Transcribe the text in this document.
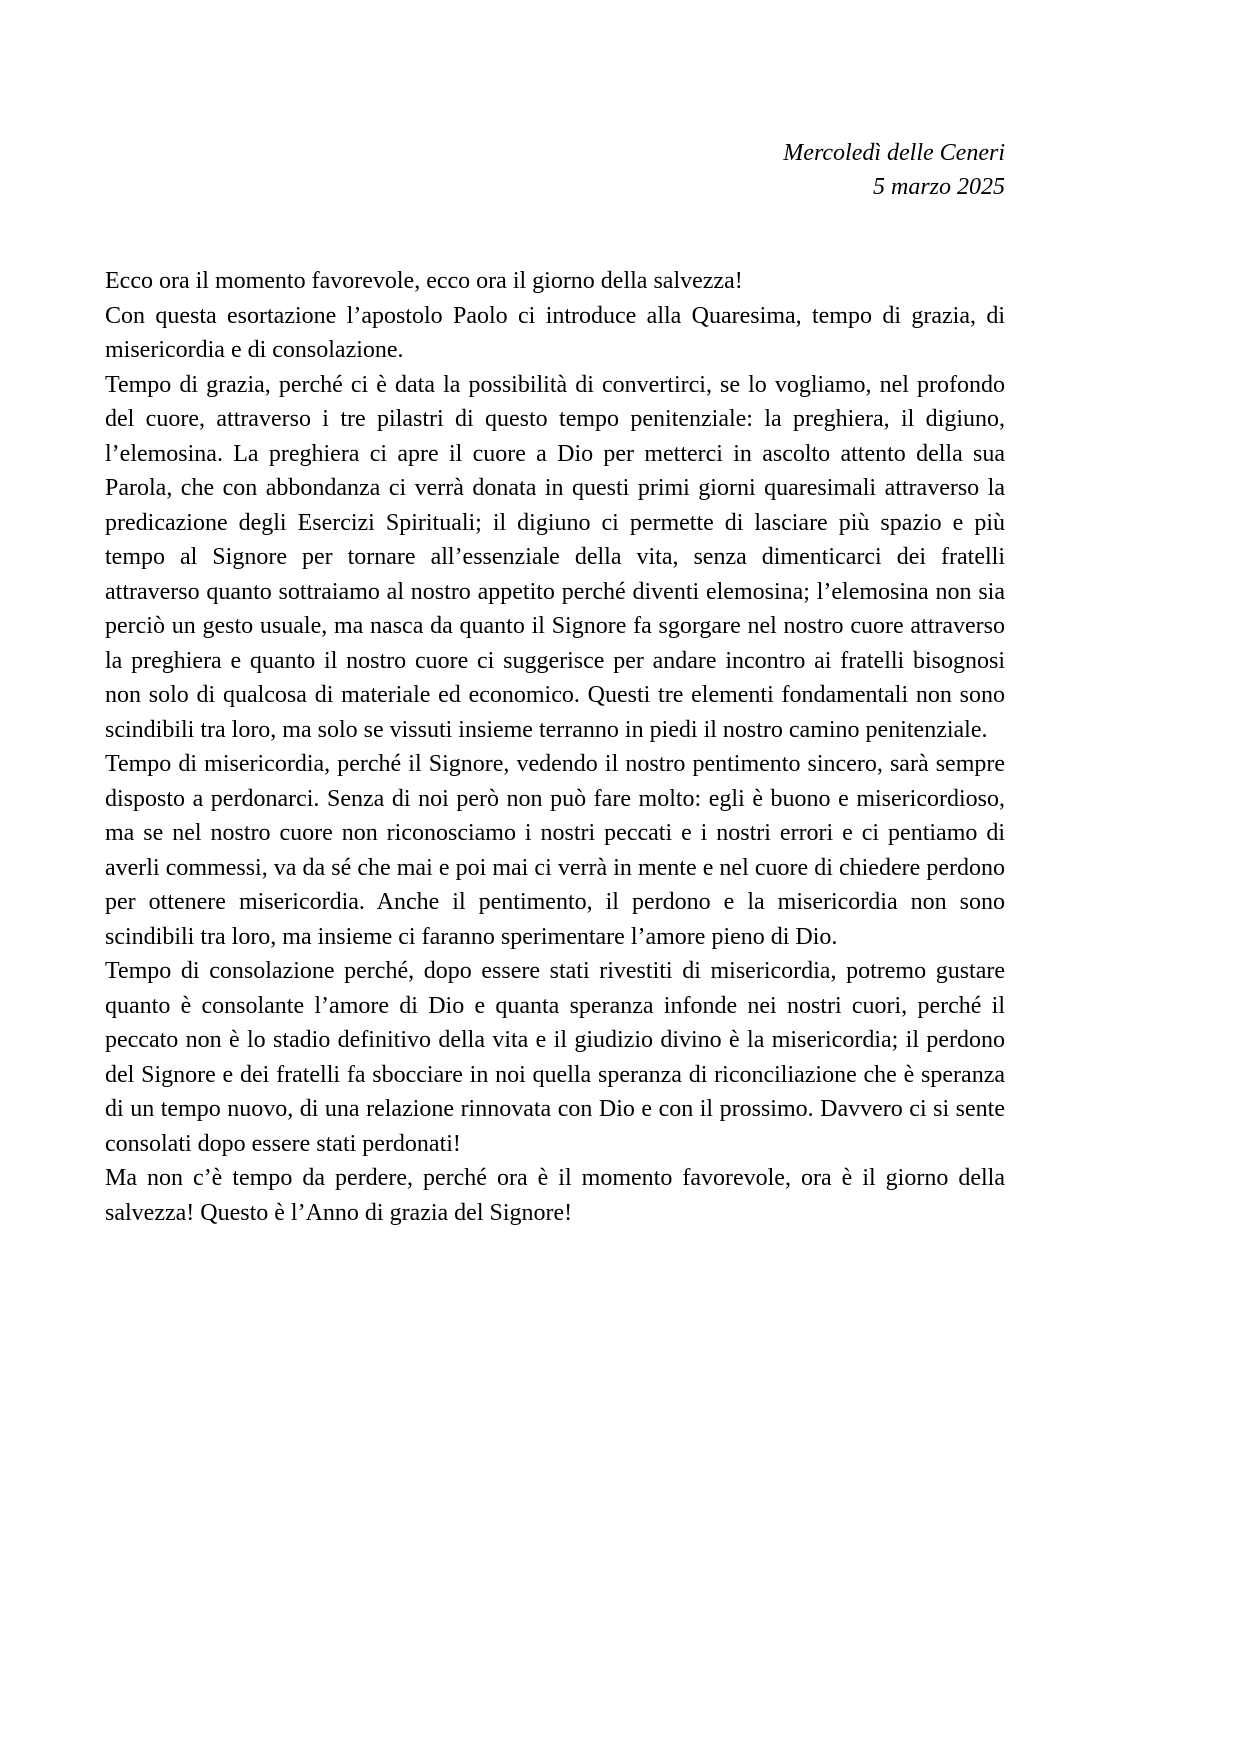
Mercoledì delle Ceneri
5 marzo 2025

Ecco ora il momento favorevole, ecco ora il giorno della salvezza!

Con questa esortazione l’apostolo Paolo ci introduce alla Quaresima, tempo di grazia, di misericordia e di consolazione.

Tempo di grazia, perché ci è data la possibilità di convertirci, se lo vogliamo, nel profondo del cuore, attraverso i tre pilastri di questo tempo penitenziale: la preghiera, il digiuno, l’elemosina. La preghiera ci apre il cuore a Dio per metterci in ascolto attento della sua Parola, che con abbondanza ci verrà donata in questi primi giorni quaresimali attraverso la predicazione degli Esercizi Spirituali; il digiuno ci permette di lasciare più spazio e più tempo al Signore per tornare all’essenziale della vita, senza dimenticarci dei fratelli attraverso quanto sottraiamo al nostro appetito perché diventi elemosina; l’elemosina non sia perciò un gesto usuale, ma nasca da quanto il Signore fa sgorgare nel nostro cuore attraverso la preghiera e quanto il nostro cuore ci suggerisce per andare incontro ai fratelli bisognosi non solo di qualcosa di materiale ed economico. Questi tre elementi fondamentali non sono scindibili tra loro, ma solo se vissuti insieme terranno in piedi il nostro camino penitenziale.

Tempo di misericordia, perché il Signore, vedendo il nostro pentimento sincero, sarà sempre disposto a perdonarci. Senza di noi però non può fare molto: egli è buono e misericordioso, ma se nel nostro cuore non riconosciamo i nostri peccati e i nostri errori e ci pentiamo di averli commessi, va da sé che mai e poi mai ci verrà in mente e nel cuore di chiedere perdono per ottenere misericordia. Anche il pentimento, il perdono e la misericordia non sono scindibili tra loro, ma insieme ci faranno sperimentare l’amore pieno di Dio.

Tempo di consolazione perché, dopo essere stati rivestiti di misericordia, potremo gustare quanto è consolante l’amore di Dio e quanta speranza infonde nei nostri cuori, perché il peccato non è lo stadio definitivo della vita e il giudizio divino è la misericordia; il perdono del Signore e dei fratelli fa sbocciare in noi quella speranza di riconciliazione che è speranza di un tempo nuovo, di una relazione rinnovata con Dio e con il prossimo. Davvero ci si sente consolati dopo essere stati perdonati!

Ma non c’è tempo da perdere, perché ora è il momento favorevole, ora è il giorno della salvezza! Questo è l’Anno di grazia del Signore!
